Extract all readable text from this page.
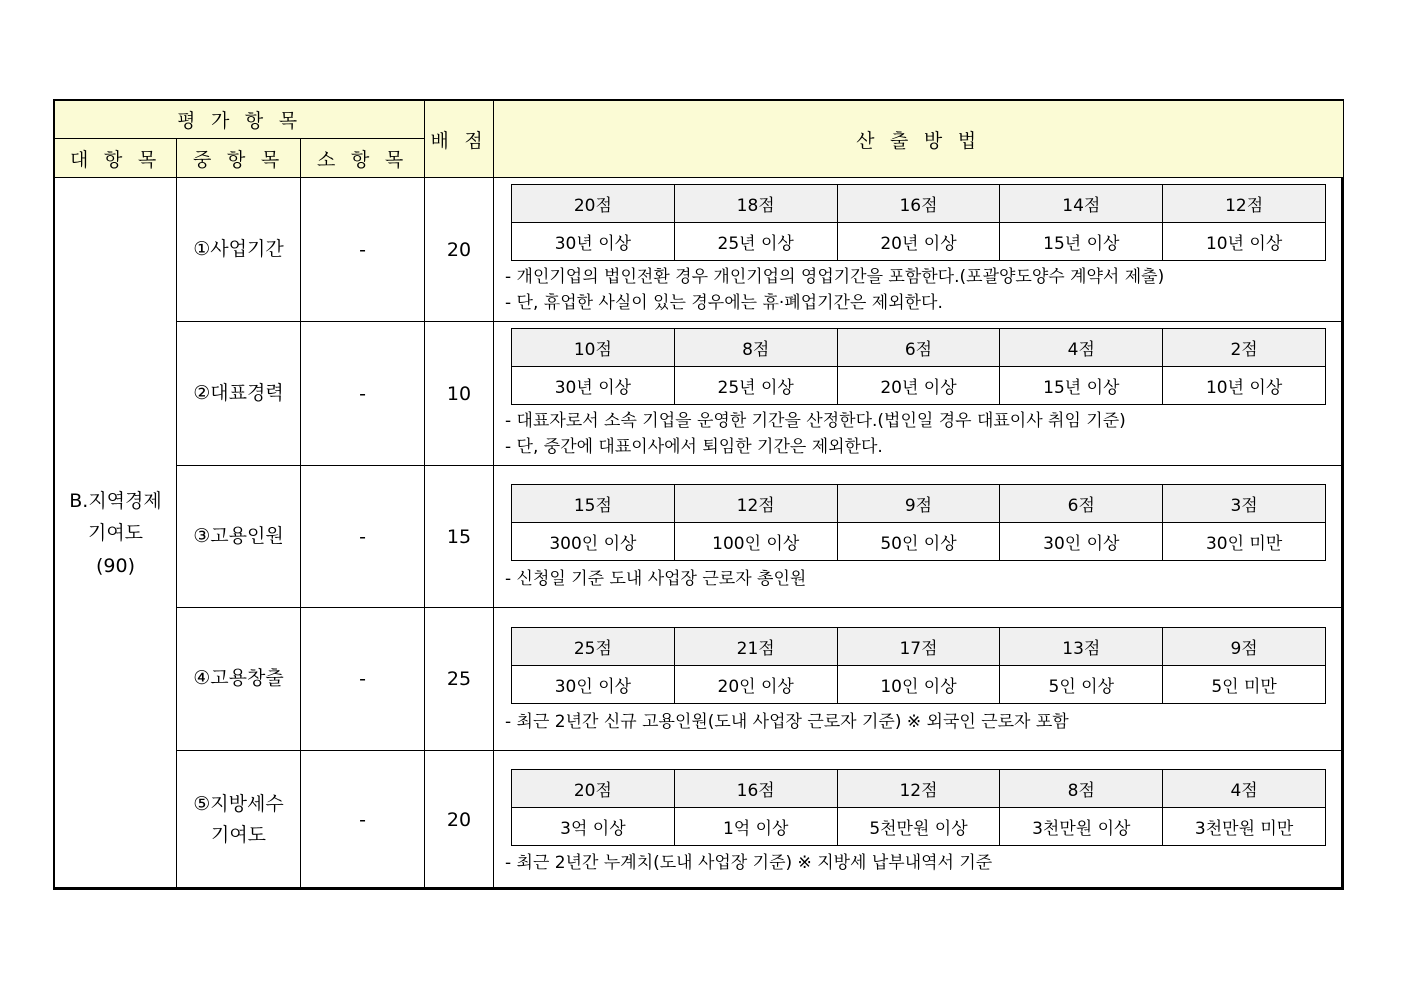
평 가 항 목
배 점	산 출 방 법
대 항 목	중 항 목	소 항 목
B.지역경제
기여도
(90)
①사업기간	-	20
20점	18점	16점	14점	12점
30년 이상	25년 이상	20년 이상	15년 이상	10년 이상
- 개인기업의 법인전환 경우 개인기업의 영업기간을 포함한다.(포괄양도양수 계약서 제출)
- 단, 휴업한 사실이 있는 경우에는 휴·폐업기간은 제외한다.
②대표경력	-	10
10점	8점	6점	4점	2점
30년 이상	25년 이상	20년 이상	15년 이상	10년 이상
- 대표자로서 소속 기업을 운영한 기간을 산정한다.(법인일 경우 대표이사 취임 기준)
- 단, 중간에 대표이사에서 퇴임한 기간은 제외한다.
③고용인원	-	15
15점	12점	9점	6점	3점
300인 이상	100인 이상	50인 이상	30인 이상	30인 미만
- 신청일 기준 도내 사업장 근로자 총인원
④고용창출	-	25
25점	21점	17점	13점	9점
30인 이상	20인 이상	10인 이상	5인 이상	5인 미만
- 최근 2년간 신규 고용인원(도내 사업장 근로자 기준) ※ 외국인 근로자 포함
⑤지방세수
기여도
-	20
20점	16점	12점	8점	4점
3억 이상	1억 이상	5천만원 이상	3천만원 이상	3천만원 미만
- 최근 2년간 누계치(도내 사업장 기준) ※ 지방세 납부내역서 기준
